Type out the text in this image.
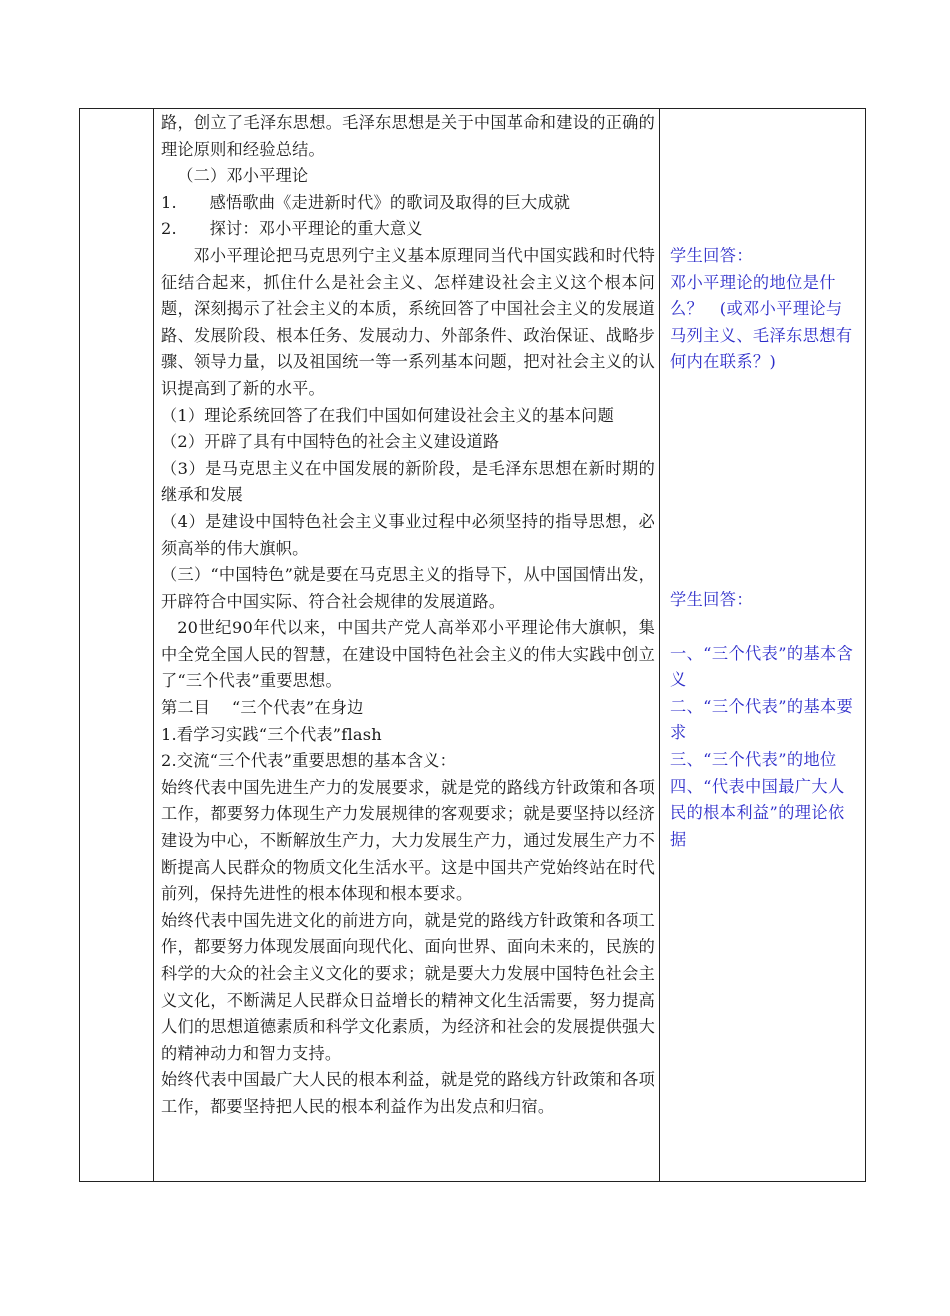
路，创立了毛泽东思想。毛泽东思想是关于中国革命和建设的正确的理论原则和经验总结。

（二）邓小平理论

1.　　感悟歌曲《走进新时代》的歌词及取得的巨大成就

2.　　探讨：邓小平理论的重大意义

邓小平理论把马克思列宁主义基本原理同当代中国实践和时代特征结合起来，抓住什么是社会主义、怎样建设社会主义这个根本问题，深刻揭示了社会主义的本质，系统回答了中国社会主义的发展道路、发展阶段、根本任务、发展动力、外部条件、政治保证、战略步骤、领导力量，以及祖国统一等一系列基本问题，把对社会主义的认识提高到了新的水平。

（1）理论系统回答了在我们中国如何建设社会主义的基本问题

（2）开辟了具有中国特色的社会主义建设道路

（3）是马克思主义在中国发展的新阶段，是毛泽东思想在新时期的继承和发展

（4）是建设中国特色社会主义事业过程中必须坚持的指导思想，必须高举的伟大旗帜。

（三）“中国特色”就是要在马克思主义的指导下，从中国国情出发，开辟符合中国实际、符合社会规律的发展道路。

20世纪90年代以来，中国共产党人高举邓小平理论伟大旗帜，集中全党全国人民的智慧，在建设中国特色社会主义的伟大实践中创立了“三个代表”重要思想。

第二目　 “三个代表”在身边

1.看学习实践“三个代表”flash

2.交流“三个代表”重要思想的基本含义：

始终代表中国先进生产力的发展要求，就是党的路线方针政策和各项工作，都要努力体现生产力发展规律的客观要求；就是要坚持以经济建设为中心，不断解放生产力，大力发展生产力，通过发展生产力不断提高人民群众的物质文化生活水平。这是中国共产党始终站在时代前列，保持先进性的根本体现和根本要求。

始终代表中国先进文化的前进方向，就是党的路线方针政策和各项工作，都要努力体现发展面向现代化、面向世界、面向未来的，民族的科学的大众的社会主义文化的要求；就是要大力发展中国特色社会主义文化，不断满足人民群众日益增长的精神文化生活需要，努力提高人们的思想道德素质和科学文化素质，为经济和社会的发展提供强大的精神动力和智力支持。

始终代表中国最广大人民的根本利益，就是党的路线方针政策和各项工作，都要坚持把人民的根本利益作为出发点和归宿。

学生回答：

邓小平理论的地位是什么？　(或邓小平理论与马列主义、毛泽东思想有何内在联系？)

学生回答：

一、“三个代表”的基本含义

二、“三个代表”的基本要求

三、“三个代表”的地位

四、“代表中国最广大人民的根本利益”的理论依据
